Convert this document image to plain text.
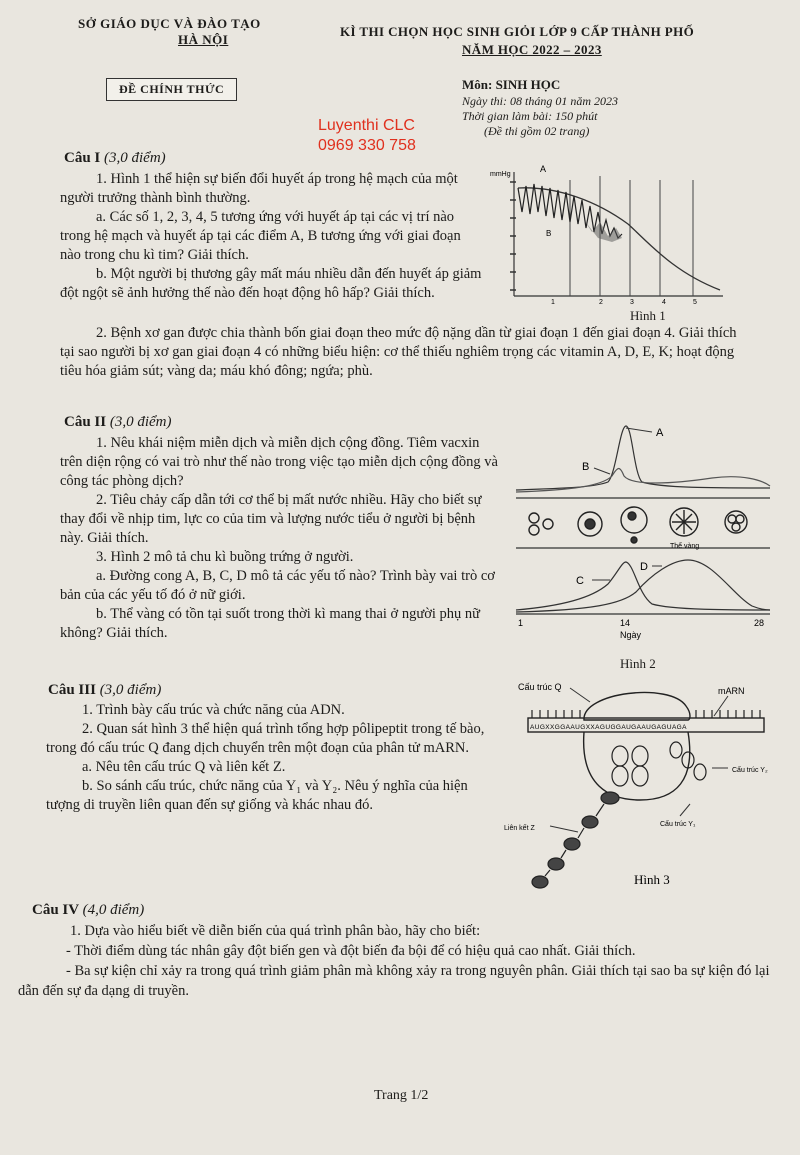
SỞ GIÁO DỤC VÀ ĐÀO TẠO
HÀ NỘI
KÌ THI CHỌN HỌC SINH GIỎI LỚP 9 CẤP THÀNH PHỐ
NĂM HỌC 2022 – 2023
ĐỀ CHÍNH THỨC	Môn: SINH HỌC
Ngày thi: 08 tháng 01 năm 2023
Thời gian làm bài: 150 phút
(Đề thi gồm 02 trang)
Luyenthi CLC
0969 330 758
Câu I (3,0 điểm)

1. Hình 1 thể hiện sự biến đổi huyết áp trong hệ mạch của một người trưởng thành bình thường.

a. Các số 1, 2, 3, 4, 5 tương ứng với huyết áp tại các vị trí nào trong hệ mạch và huyết áp tại các điểm A, B tương ứng với giai đoạn nào trong chu kì tim? Giải thích.

b. Một người bị thương gây mất máu nhiều dẫn đến huyết áp giảm đột ngột sẽ ảnh hưởng thế nào đến hoạt động hô hấp? Giải thích.

2. Bệnh xơ gan được chia thành bốn giai đoạn theo mức độ nặng dần từ giai đoạn 1 đến giai đoạn 4. Giải thích tại sao người bị xơ gan giai đoạn 4 có những biểu hiện: cơ thể thiếu nghiêm trọng các vitamin A, D, E, K; hoạt động tiêu hóa giảm sút; vàng da; máu khó đông; ngứa; phù.

mmHg
A
B
1	2	3	4	5
Hình 1
Câu II (3,0 điểm)

1. Nêu khái niệm miễn dịch và miễn dịch cộng đồng. Tiêm vacxin trên diện rộng có vai trò như thế nào trong việc tạo miễn dịch cộng đồng và công tác phòng dịch?

2. Tiêu chảy cấp dẫn tới cơ thể bị mất nước nhiều. Hãy cho biết sự thay đổi về nhịp tim, lực co của tim và lượng nước tiểu ở người bị bệnh này. Giải thích.

3. Hình 2 mô tả chu kì buồng trứng ở người.

a. Đường cong A, B, C, D mô tả các yếu tố nào? Trình bày vai trò cơ bản của các yếu tố đó ở nữ giới.

b. Thể vàng có tồn tại suốt trong thời kì mang thai ở người phụ nữ không? Giải thích.

A
B
Thể vàng
C
D
1	14	28
Ngày
Hình 2
Câu III (3,0 điểm)

1. Trình bày cấu trúc và chức năng của ADN.

2. Quan sát hình 3 thể hiện quá trình tổng hợp pôlipeptit trong tế bào, trong đó cấu trúc Q đang dịch chuyển trên một đoạn của phân tử mARN.

a. Nêu tên cấu trúc Q và liên kết Z.

b. So sánh cấu trúc, chức năng của Y₁ và Y₂. Nêu ý nghĩa của hiện tượng di truyền liên quan đến sự giống và khác nhau đó.

Cấu trúc Q	mARN
AUGXXGGAAUGXXAGUGGAUGAAUGAGUAGA
Cấu trúc Y₂
Cấu trúc Y₁
Liên kết Z
Hình 3
Câu IV (4,0 điểm)

1. Dựa vào hiểu biết về diễn biến của quá trình phân bào, hãy cho biết:

- Thời điểm dùng tác nhân gây đột biến gen và đột biến đa bội để có hiệu quả cao nhất. Giải thích.

- Ba sự kiện chỉ xảy ra trong quá trình giảm phân mà không xảy ra trong nguyên phân. Giải thích tại sao ba sự kiện đó lại dẫn đến sự đa dạng di truyền.

Trang 1/2
